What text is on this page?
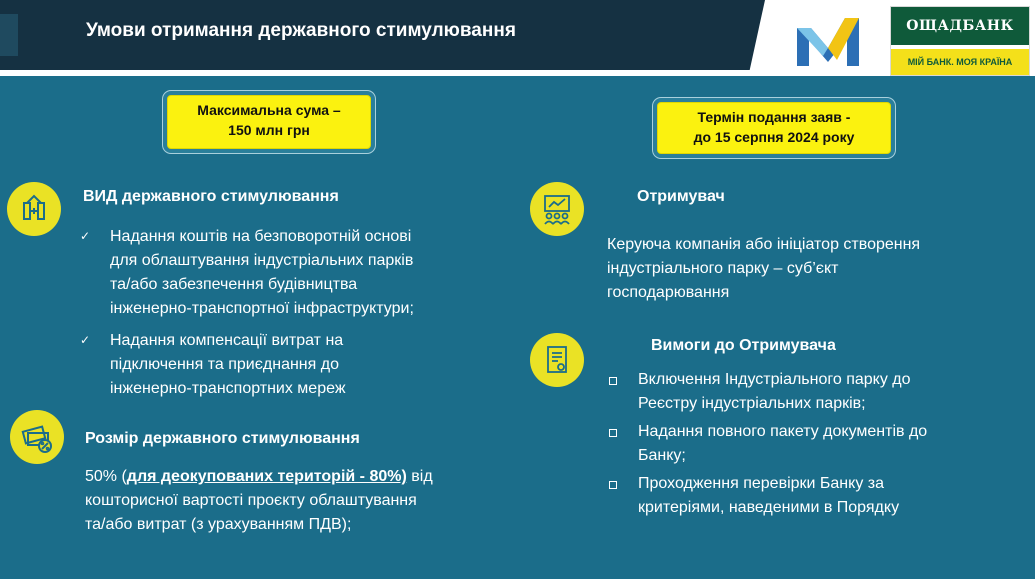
Умови отримання державного стимулювання	ОЩАДБАНК
МІЙ БАНК. МОЯ КРАЇНА
Максимальна сума –
150 млн грн
Термін подання заяв -
до 15 серпня 2024 року
ВИД державного стимулювання
✓ Надання коштів на безповоротній основі
для облаштування індустріальних парків
та/або забезпечення будівництва
інженерно-транспортної інфраструктури;
✓ Надання компенсації витрат на
підключення та приєднання до
інженерно-транспортних мереж
Розмір державного стимулювання
50% (для деокупованих територій - 80%) від
кошторисної вартості проєкту облаштування
та/або витрат (з урахуванням ПДВ);
Отримувач
Керуюча компанія або ініціатор створення
індустріального парку – суб’єкт
господарювання
Вимоги до Отримувача
Включення Індустріального парку до
Реєстру індустріальних парків;
Надання повного пакету документів до
Банку;
Проходження перевірки Банку за
критеріями, наведеними в Порядку
